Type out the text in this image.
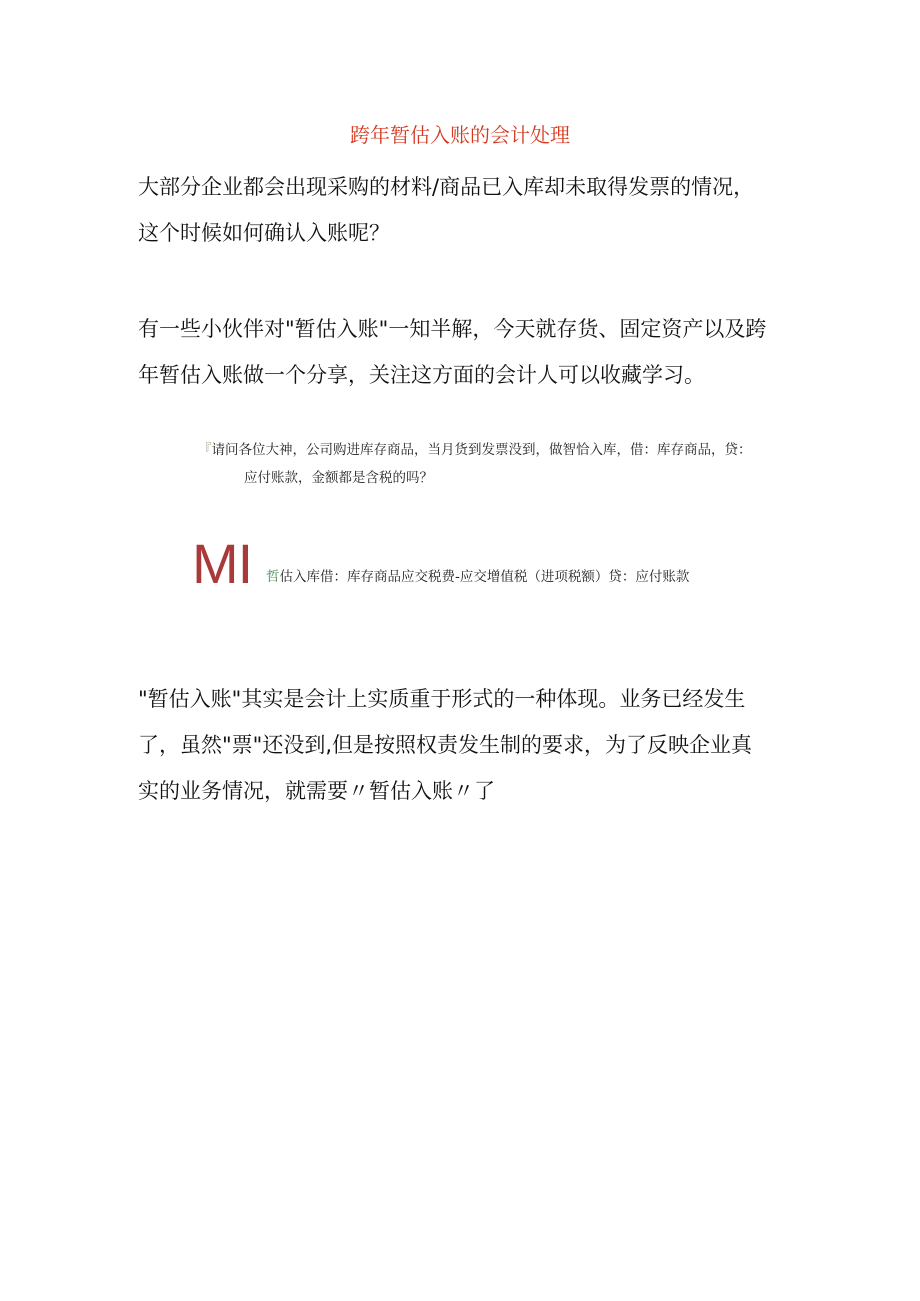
跨年暂估入账的会计处理

大部分企业都会出现采购的材料/商品已入库却未取得发票的情况，
这个时候如何确认入账呢？

有一些小伙伴对"暂估入账"一知半解，今天就存货、固定资产以及跨
年暂估入账做一个分享，关注这方面的会计人可以收藏学习。

『请问各位大神，公司购进库存商品，当月货到发票没到，做智恰入库，借：库存商品，贷：
应付账款，金额都是含税的吗？
MI 哲估入库借：库存商品应交税费-应交增值税（进项税额）贷：应付账款

"暂估入账"其实是会计上实质重于形式的一种体现。业务已经发生
了，虽然"票"还没到,但是按照权责发生制的要求，为了反映企业真
实的业务情况，就需要〃暂估入账〃了
